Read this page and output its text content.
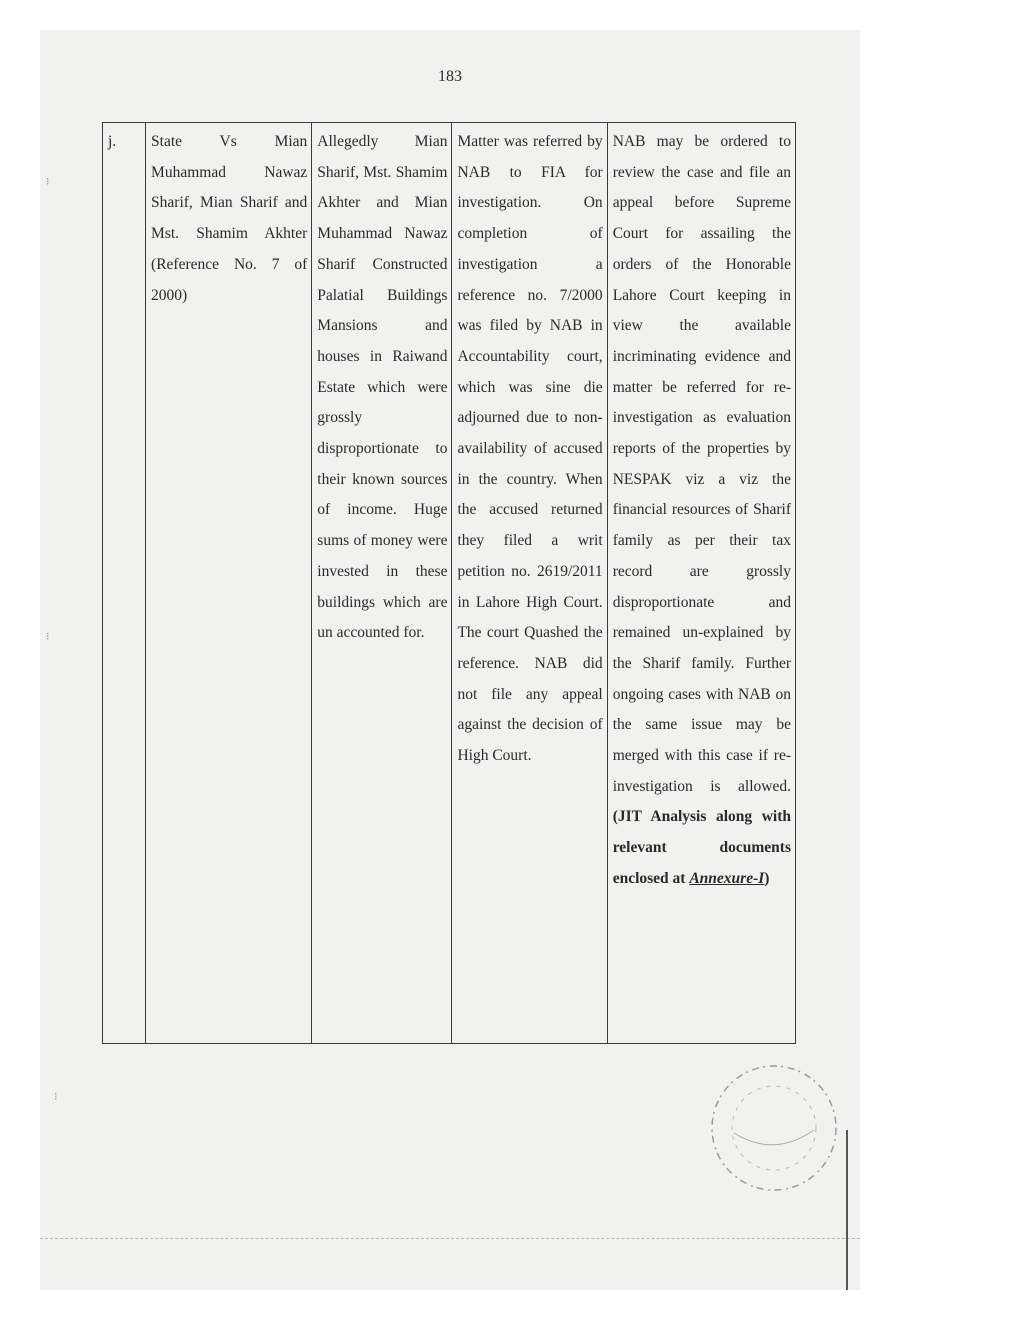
183
j.	State Vs Mian Muhammad Nawaz Sharif, Mian Sharif and Mst. Shamim Akhter (Reference No. 7 of 2000)	Allegedly Mian Sharif, Mst. Shamim Akhter and Mian Muhammad Nawaz Sharif Constructed Palatial Buildings Mansions and houses in Raiwand Estate which were grossly disproportionate to their known sources of income. Huge sums of money were invested in these buildings which are un accounted for.	Matter was referred by NAB to FIA for investigation. On completion of investigation a reference no. 7/2000 was filed by NAB in Accountability court, which was sine die adjourned due to non-availability of accused in the country. When the accused returned they filed a writ petition no. 2619/2011 in Lahore High Court. The court Quashed the reference. NAB did not file any appeal against the decision of High Court.	NAB may be ordered to review the case and file an appeal before Supreme Court for assailing the orders of the Honorable Lahore Court keeping in view the available incriminating evidence and matter be referred for re-investigation as evaluation reports of the properties by NESPAK viz a viz the financial resources of Sharif family as per their tax record are grossly disproportionate and remained un-explained by the Sharif family. Further ongoing cases with NAB on the same issue may be merged with this case if re-investigation is allowed. (JIT Analysis along with relevant documents enclosed at Annexure-I)
⁝
⁝
⁝
